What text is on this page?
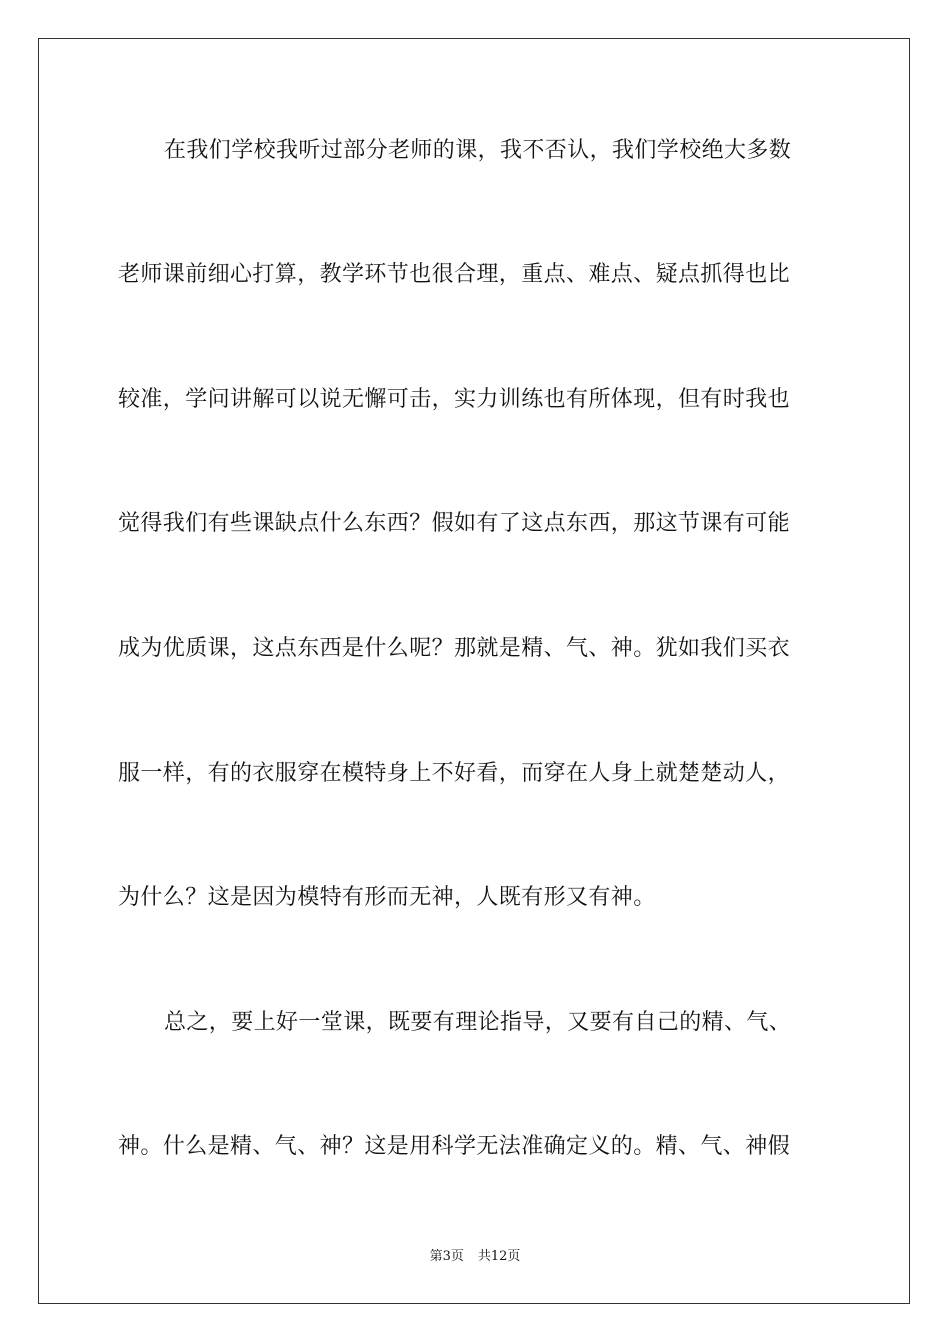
在我们学校我听过部分老师的课，我不否认，我们学校绝大多数
老师课前细心打算，教学环节也很合理，重点、难点、疑点抓得也比
较准，学问讲解可以说无懈可击，实力训练也有所体现，但有时我也
觉得我们有些课缺点什么东西？假如有了这点东西，那这节课有可能
成为优质课，这点东西是什么呢？那就是精、气、神。犹如我们买衣
服一样，有的衣服穿在模特身上不好看，而穿在人身上就楚楚动人，
为什么？这是因为模特有形而无神，人既有形又有神。
总之，要上好一堂课，既要有理论指导，又要有自己的精、气、
神。什么是精、气、神？这是用科学无法准确定义的。精、气、神假
第3页 共12页
